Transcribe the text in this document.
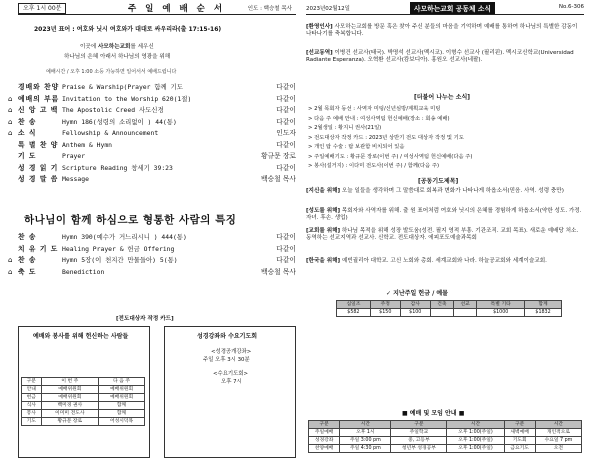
오후 1시 00분	주 일 예 배 순 서	인도 : 백승철 목사
2023년 표어 : 여호와 닛시 여호와가 대대로 싸우리라(출 17:15-16)
이곳에 사모하는교회를 세우신
하나님의 은혜 아래서 하나님의 영광을 위해
예배시간 / 오후 1:00 소등 가능하면 일어서서 예배드립니다
경배와 찬양 Praise & Warship(Prayer 함께 기도	다같이
⌂ 예배의 부름 Invitation to the Worship 620(1절)	다같이
⌂ 신 앙 고 백 The Apostolic Creed 사도신경	다같이
⌂ 찬 송	Hymn 186(성령의 소리없이 ) 44(통)	다같이
⌂ 소 식	Fellowship & Announcement	인도자
특 별 찬 양 Anthem & Hymn	다같이
기 도	Prayer	황규문 장로
성 경 읽 기 Scripture Reading 창세기 39:23	다같이
성 경 말 씀 Message	백승철 목사
하나님이 함께 하심으로 형통한 사람의 특징
찬 송	Hymn 390(예수가 거느리시니 ) 444(통)	다같이
치 유 기 도 Healing Prayer & 헌금 Offering	다같이
⌂ 찬 송	Hymn 5장(이 천지간 만물들아) 5(통)	다같이
⌂ 축 도	Benediction	백승철 목사
[전도대상자 작정 카드]
예배와 봉사를 위해 헌신하는 사람들
구분	이 번 주	다 음 주
안내	예배위원회	예배위원회
헌금	예배위원회	예배위원회
식사	백미경 권사	함께
봉사	이미미 전도사	함께
기도	황규문 장로	어성시덕목
성경강좌와 수요기도회
<성경공개강좌>
주일 오후 3시 30분
<수요기도회>
오후 7시
2023년02월12일	사모하는교회 공동체 소식	No.6-306
[환영인사] 사모하는교회를 방문 혹은 찾아 주신 분들의 마음을 기억하며 예배를 통하여 하나님의 특별한 감동이 나타나기를 축복합니다.
[선교동역] 이병건 선교사(태국). 박명석 선교사(멕시코). 이형수 선교사 (필리핀). 멕시코신학교(Universidad Radiante Esperanza). 오혁환 선교사(캄보디아). 홍원오 선교사(네팔).
[더불어 나누는 소식]
> 2월 목회자 동선 : 사역자 미팅/신년심방/계획교육 미팅
> 다음 주 예배 안내 : 여성사역팀 헌신예배(장소 : 회송 예배)
> 2월생일 : 황지니 권사(21일)
> 전도대상자 작정 카드 : 2023년 상반기 전도 대상자 작정 및 기도
> 개인 탑 수술 : 탑 보관함 비치되어 있음
> 주일예배기도 : 황규문 장로(이번 주) / 여성사역팀 헌신예배(다음 주)
> 봉사(설거지) : 이다미 전도사(이번 주) / 함께(다음 주)
[공동기도제목]
[지신을 위해] 오늘 일들을 생각하며 그 말씀대로 회복과 변화가 나타나게 하옵소서(믿음. 사역. 성령 충만)
[성도를 위해] 목회자와 사역자를 위해. 출 원 표어처럼 여호와 닛시의 은혜를 경험하게 하옵소서(약한 성도. 가정. 자녀. 후손. 생업)
[교회를 위해] 하나님 목적을 위해 성장 발도움(성전. 필지 영적 부흥. 기관조직. 교회 목표). 새로운 예배당 처소. 동역하는 선교지역과 선교사. 신학교. 전도대상자. 에피포도예술과목회
[한국을 위해] 예빈궐리아 대학교. 고신 노회와 총회. 세계교회와 나라. 하늘공교회와 세계이슬교회.
✓ 지난주일 헌금 / 예물
십일조	주정	감사	건축	선교	특별 기타	합계
$582	$150	$100			$1000	$1832
■ 예배 및 모임 안내 ■
구분	시간	구분	시간	구분	시간
주일예배	오후 1시	주일학교	오후 1:00(주일)	새벽예배	개인적으로
성경강좌	주일 3:00 pm	중, 고등부	오후 1:00(주일)	기도회	수요일 7 pm
찬양예배	주일 4:30 pm	청년부 성경공부	오후 1:00(주일)	금요기도	오전
